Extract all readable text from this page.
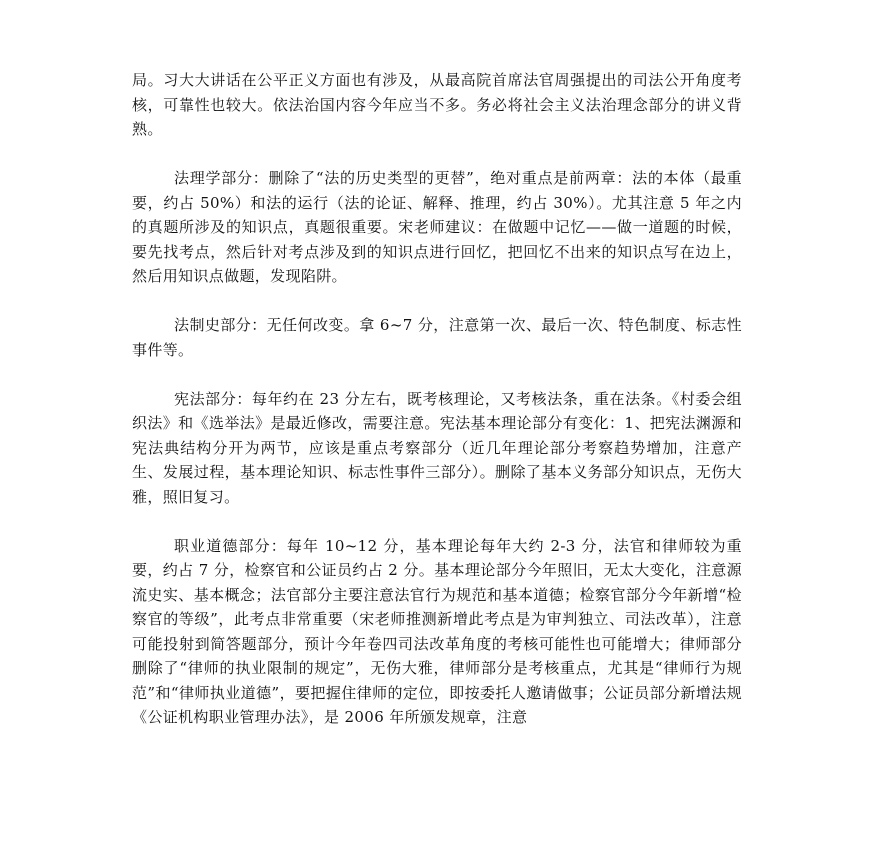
局。习大大讲话在公平正义方面也有涉及，从最高院首席法官周强提出的司法公开角度考核，可靠性也较大。依法治国内容今年应当不多。务必将社会主义法治理念部分的讲义背熟。

法理学部分：删除了“法的历史类型的更替”，绝对重点是前两章：法的本体（最重要，约占 50%）和法的运行（法的论证、解释、推理，约占 30%）。尤其注意 5 年之内的真题所涉及的知识点，真题很重要。宋老师建议：在做题中记忆——做一道题的时候，要先找考点，然后针对考点涉及到的知识点进行回忆，把回忆不出来的知识点写在边上，然后用知识点做题，发现陷阱。

法制史部分：无任何改变。拿 6~7 分，注意第一次、最后一次、特色制度、标志性事件等。

宪法部分：每年约在 23 分左右，既考核理论，又考核法条，重在法条。《村委会组织法》和《选举法》是最近修改，需要注意。宪法基本理论部分有变化：1、把宪法渊源和宪法典结构分开为两节，应该是重点考察部分（近几年理论部分考察趋势增加，注意产生、发展过程，基本理论知识、标志性事件三部分）。删除了基本义务部分知识点，无伤大雅，照旧复习。

职业道德部分：每年 10~12 分，基本理论每年大约 2-3 分，法官和律师较为重要，约占 7 分，检察官和公证员约占 2 分。基本理论部分今年照旧，无太大变化，注意源流史实、基本概念；法官部分主要注意法官行为规范和基本道德；检察官部分今年新增“检察官的等级”，此考点非常重要（宋老师推测新增此考点是为审判独立、司法改革），注意可能投射到简答题部分，预计今年卷四司法改革角度的考核可能性也可能增大；律师部分删除了“律师的执业限制的规定”，无伤大雅，律师部分是考核重点，尤其是“律师行为规范”和“律师执业道德”，要把握住律师的定位，即按委托人邀请做事；公证员部分新增法规《公证机构职业管理办法》，是 2006 年所颁发规章，注意
